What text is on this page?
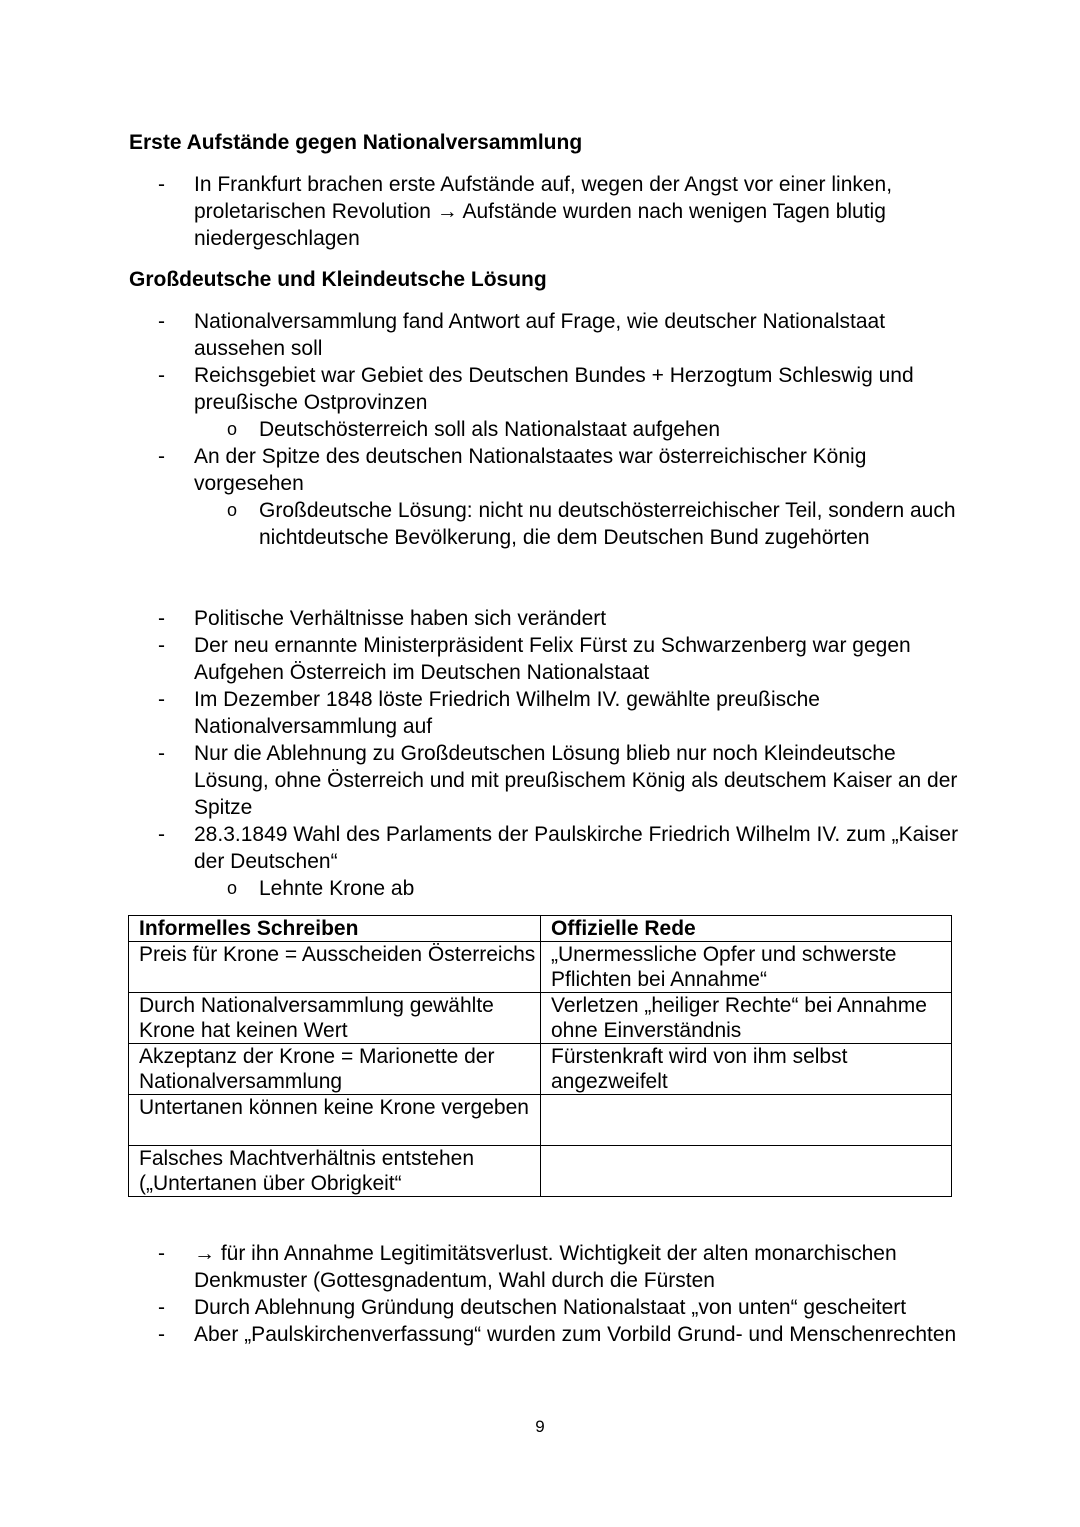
Erste Aufstände gegen Nationalversammlung

- In Frankfurt brachen erste Aufstände auf, wegen der Angst vor einer linken, proletarischen Revolution → Aufstände wurden nach wenigen Tagen blutig niedergeschlagen

Großdeutsche und Kleindeutsche Lösung

- Nationalversammlung fand Antwort auf Frage, wie deutscher Nationalstaat aussehen soll

- Reichsgebiet war Gebiet des Deutschen Bundes + Herzogtum Schleswig und preußische Ostprovinzen

o Deutschösterreich soll als Nationalstaat aufgehen

- An der Spitze des deutschen Nationalstaates war österreichischer König vorgesehen

o Großdeutsche Lösung: nicht nu deutschösterreichischer Teil, sondern auch nichtdeutsche Bevölkerung, die dem Deutschen Bund zugehörten

- Politische Verhältnisse haben sich verändert

- Der neu ernannte Ministerpräsident Felix Fürst zu Schwarzenberg war gegen Aufgehen Österreich im Deutschen Nationalstaat

- Im Dezember 1848 löste Friedrich Wilhelm IV. gewählte preußische Nationalversammlung auf

- Nur die Ablehnung zu Großdeutschen Lösung blieb nur noch Kleindeutsche Lösung, ohne Österreich und mit preußischem König als deutschem Kaiser an der Spitze

- 28.3.1849 Wahl des Parlaments der Paulskirche Friedrich Wilhelm IV. zum „Kaiser der Deutschen“

o Lehnte Krone ab

Informelles Schreiben	Offizielle Rede
Preis für Krone = Ausscheiden Österreichs	„Unermessliche Opfer und schwerste Pflichten bei Annahme“
Durch Nationalversammlung gewählte Krone hat keinen Wert	Verletzen „heiliger Rechte“ bei Annahme ohne Einverständnis
Akzeptanz der Krone = Marionette der Nationalversammlung	Fürstenkraft wird von ihm selbst angezweifelt
Untertanen können keine Krone vergeben	
Falsches Machtverhältnis entstehen („Untertanen über Obrigkeit“	

- → für ihn Annahme Legitimitätsverlust. Wichtigkeit der alten monarchischen Denkmuster (Gottesgnadentum, Wahl durch die Fürsten

- Durch Ablehnung Gründung deutschen Nationalstaat „von unten“ gescheitert

- Aber „Paulskirchenverfassung“ wurden zum Vorbild Grund- und Menschenrechten

9
